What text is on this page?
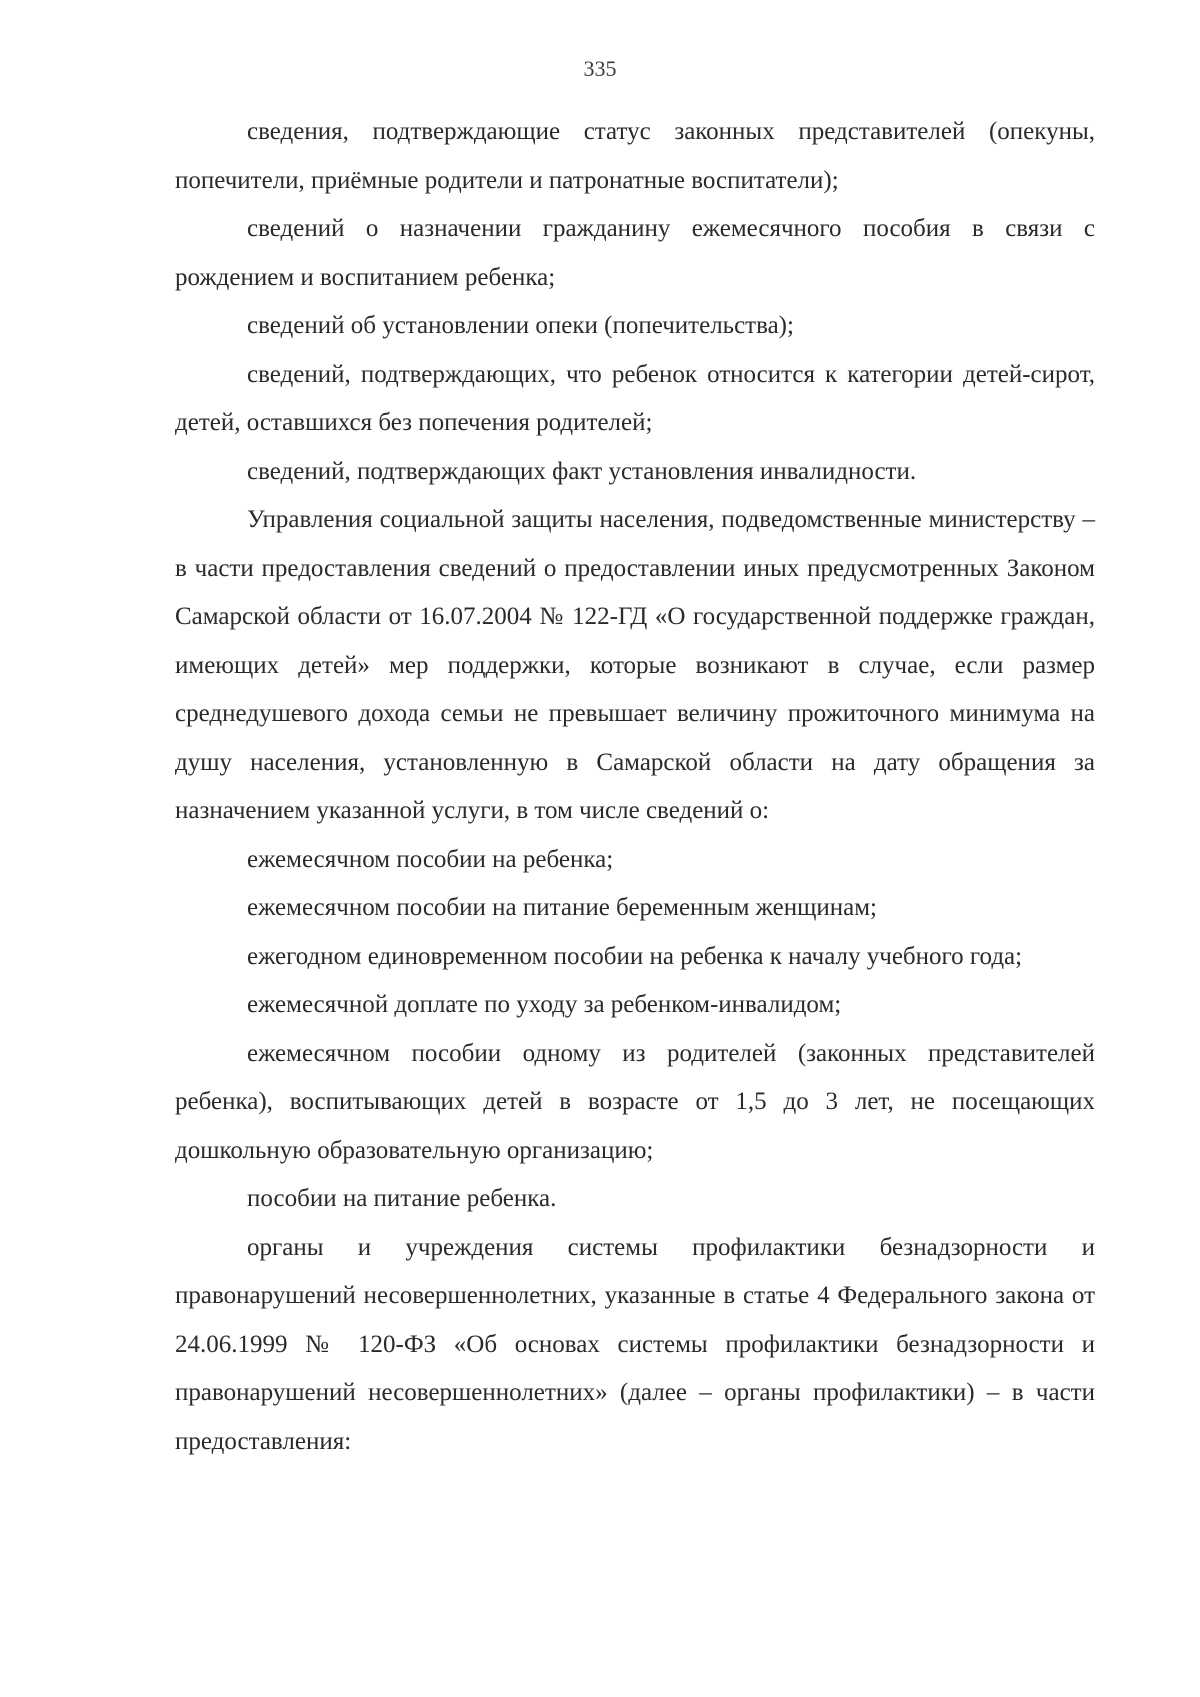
335

сведения, подтверждающие статус законных представителей (опекуны, попечители, приёмные родители и патронатные воспитатели);

сведений о назначении гражданину ежемесячного пособия в связи с рождением и воспитанием ребенка;

сведений об установлении опеки (попечительства);

сведений, подтверждающих, что ребенок относится к категории детей-сирот, детей, оставшихся без попечения родителей;

сведений, подтверждающих факт установления инвалидности.

Управления социальной защиты населения, подведомственные министерству – в части предоставления сведений о предоставлении иных предусмотренных Законом Самарской области от 16.07.2004 № 122-ГД «О государственной поддержке граждан, имеющих детей» мер поддержки, которые возникают в случае, если размер среднедушевого дохода семьи не превышает величину прожиточного минимума на душу населения, установленную в Самарской области на дату обращения за назначением указанной услуги, в том числе сведений о:

ежемесячном пособии на ребенка;

ежемесячном пособии на питание беременным женщинам;

ежегодном единовременном пособии на ребенка к началу учебного года;

ежемесячной доплате по уходу за ребенком-инвалидом;

ежемесячном пособии одному из родителей (законных представителей ребенка), воспитывающих детей в возрасте от 1,5 до 3 лет, не посещающих дошкольную образовательную организацию;

пособии на питание ребенка.

органы и учреждения системы профилактики безнадзорности и правонарушений несовершеннолетних, указанные в статье 4 Федерального закона от 24.06.1999 № 120-ФЗ «Об основах системы профилактики безнадзорности и правонарушений несовершеннолетних» (далее – органы профилактики) – в части предоставления:
